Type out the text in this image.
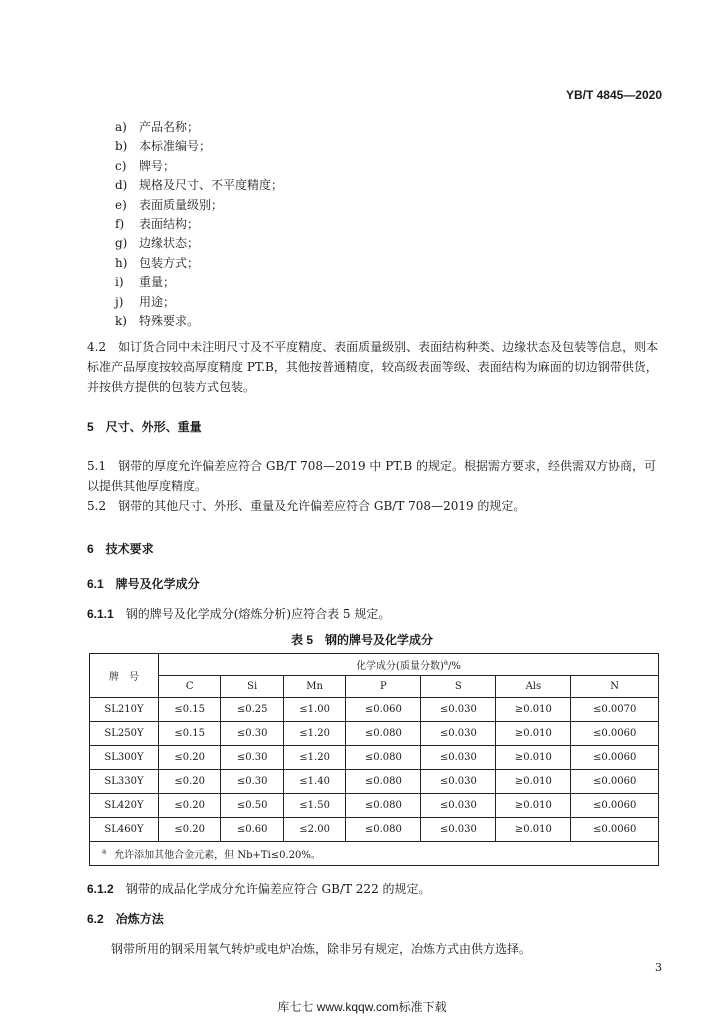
YB/T 4845—2020
a) 产品名称；
b) 本标准编号；
c) 牌号；
d) 规格及尺寸、不平度精度；
e) 表面质量级别；
f) 表面结构；
g) 边缘状态；
h) 包装方式；
i) 重量；
j) 用途；
k) 特殊要求。
4.2　如订货合同中未注明尺寸及不平度精度、表面质量级别、表面结构种类、边缘状态及包装等信息，则本标准产品厚度按较高厚度精度 PT.B，其他按普通精度，较高级表面等级、表面结构为麻面的切边钢带供货，并按供方提供的包装方式包装。
5　尺寸、外形、重量
5.1　钢带的厚度允许偏差应符合 GB/T 708—2019 中 PT.B 的规定。根据需方要求，经供需双方协商，可以提供其他厚度精度。
5.2　钢带的其他尺寸、外形、重量及允许偏差应符合 GB/T 708—2019 的规定。
6　技术要求
6.1　牌号及化学成分
6.1.1　 钢的牌号及化学成分(熔炼分析)应符合表 5 规定。
表 5　钢的牌号及化学成分
牌　号	化学成分(质量分数)$^a$/%						
	C	Si	Mn	P	S	Als	N
SL210Y	≤0.15	≤0.25	≤1.00	≤0.060	≤0.030	≥0.010	≤0.0070
SL250Y	≤0.15	≤0.30	≤1.20	≤0.080	≤0.030	≥0.010	≤0.0060
SL300Y	≤0.20	≤0.30	≤1.20	≤0.080	≤0.030	≥0.010	≤0.0060
SL330Y	≤0.20	≤0.30	≤1.40	≤0.080	≤0.030	≥0.010	≤0.0060
SL420Y	≤0.20	≤0.50	≤1.50	≤0.080	≤0.030	≥0.010	≤0.0060
SL460Y	≤0.20	≤0.60	≤2.00	≤0.080	≤0.030	≥0.010	≤0.0060
$^a$ 允许添加其他合金元素，但 Nb+Ti≤0.20%。							
6.1.2　 钢带的成品化学成分允许偏差应符合 GB/T 222 的规定。
6.2　 冶炼方法
钢带所用的钢采用氧气转炉或电炉冶炼，除非另有规定，冶炼方式由供方选择。
3
库七七 www.kqqw.com标准下载
